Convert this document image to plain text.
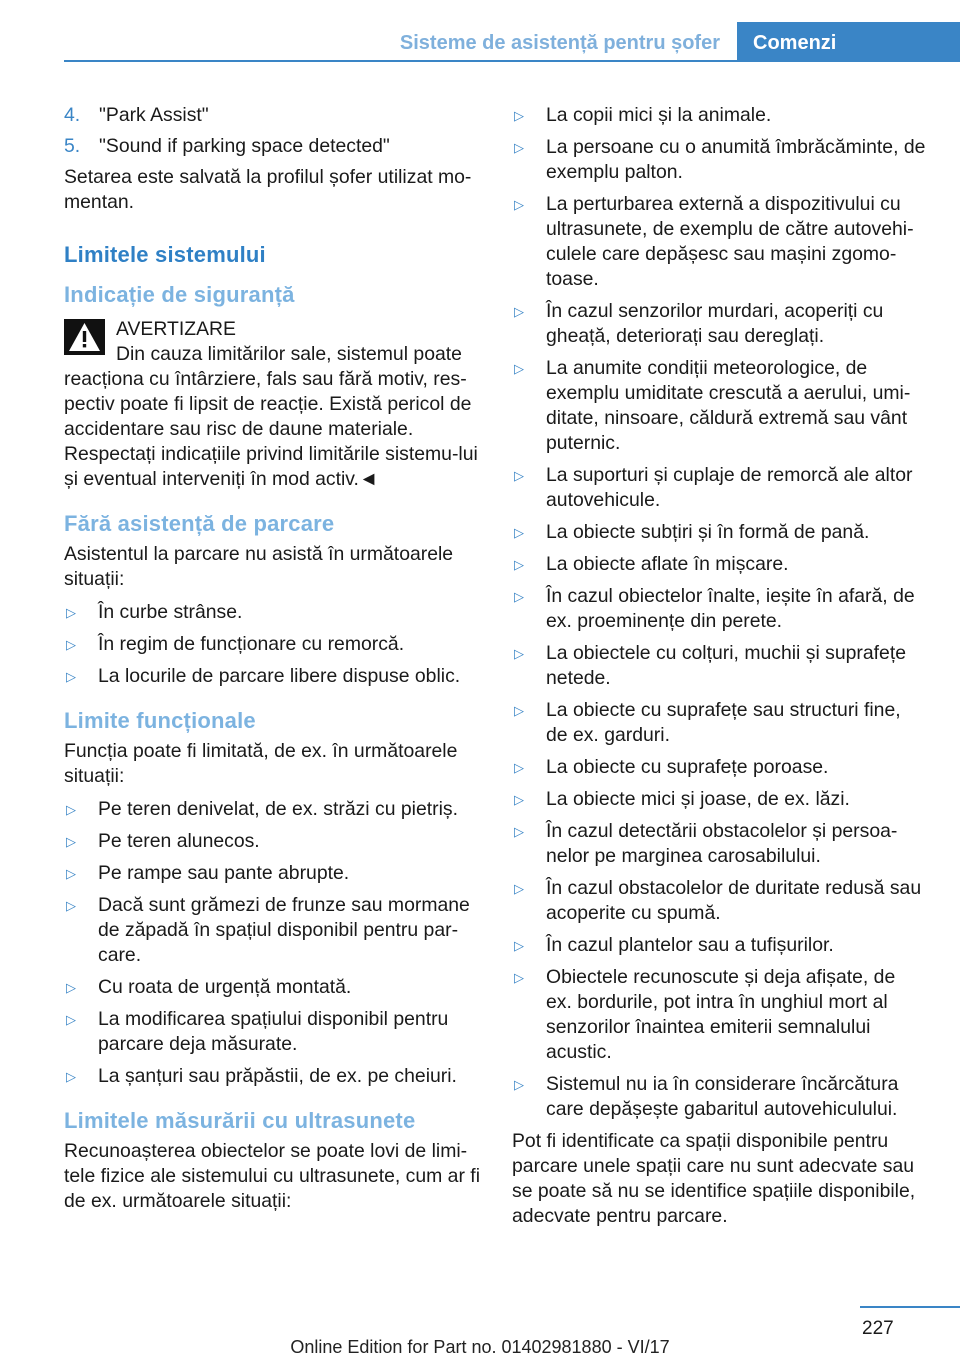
Sisteme de asistență pentru șofer	Comenzi
4. "Park Assist"
5. "Sound if parking space detected"

Setarea este salvată la profilul șofer utilizat mo-mentan.

Limitele sistemului
Indicație de siguranță
AVERTIZARE
Din cauza limitărilor sale, sistemul poate reacționa cu întârziere, fals sau fără motiv, res-pectiv poate fi lipsit de reacție. Există pericol de accidentare sau risc de daune materiale. Respectați indicațiile privind limitările sistemu-lui și eventual interveniți în mod activ.◄
Fără asistență de parcare
Asistentul la parcare nu asistă în următoarele situații:
▷ În curbe strânse.
▷ În regim de funcționare cu remorcă.
▷ La locurile de parcare libere dispuse oblic.
Limite funcționale
Funcția poate fi limitată, de ex. în următoarele situații:
▷ Pe teren denivelat, de ex. străzi cu pietriș.
▷ Pe teren alunecos.
▷ Pe rampe sau pante abrupte.
▷ Dacă sunt grămezi de frunze sau mormane de zăpadă în spațiul disponibil pentru par-care.
▷ Cu roata de urgență montată.
▷ La modificarea spațiului disponibil pentru parcare deja măsurate.
▷ La șanțuri sau prăpăstii, de ex. pe cheiuri.
Limitele măsurării cu ultrasunete
Recunoașterea obiectelor se poate lovi de limi-tele fizice ale sistemului cu ultrasunete, cum ar fi de ex. următoarele situații:
▷ La copii mici și la animale.
▷ La persoane cu o anumită îmbrăcăminte, de exemplu palton.
▷ La perturbarea externă a dispozitivului cu ultrasunete, de exemplu de către autovehi-culele care depășesc sau mașini zgomo-toase.
▷ În cazul senzorilor murdari, acoperiți cu gheață, deteriorați sau dereglați.
▷ La anumite condiții meteorologice, de exemplu umiditate crescută a aerului, umi-ditate, ninsoare, căldură extremă sau vânt puternic.
▷ La suporturi și cuplaje de remorcă ale altor autovehicule.
▷ La obiecte subțiri și în formă de pană.
▷ La obiecte aflate în mișcare.
▷ În cazul obiectelor înalte, ieșite în afară, de ex. proeminențe din perete.
▷ La obiectele cu colțuri, muchii și suprafețe netede.
▷ La obiecte cu suprafețe sau structuri fine, de ex. garduri.
▷ La obiecte cu suprafețe poroase.
▷ La obiecte mici și joase, de ex. lăzi.
▷ În cazul detectării obstacolelor și persoa-nelor pe marginea carosabilului.
▷ În cazul obstacolelor de duritate redusă sau acoperite cu spumă.
▷ În cazul plantelor sau a tufișurilor.
▷ Obiectele recunoscute și deja afișate, de ex. bordurile, pot intra în unghiul mort al senzorilor înaintea emiterii semnalului acustic.
▷ Sistemul nu ia în considerare încărcătura care depășește gabaritul autovehiculului.

Pot fi identificate ca spații disponibile pentru parcare unele spații care nu sunt adecvate sau se poate să nu se identifice spațiile disponibile, adecvate pentru parcare.

227
Online Edition for Part no. 01402981880 - VI/17
